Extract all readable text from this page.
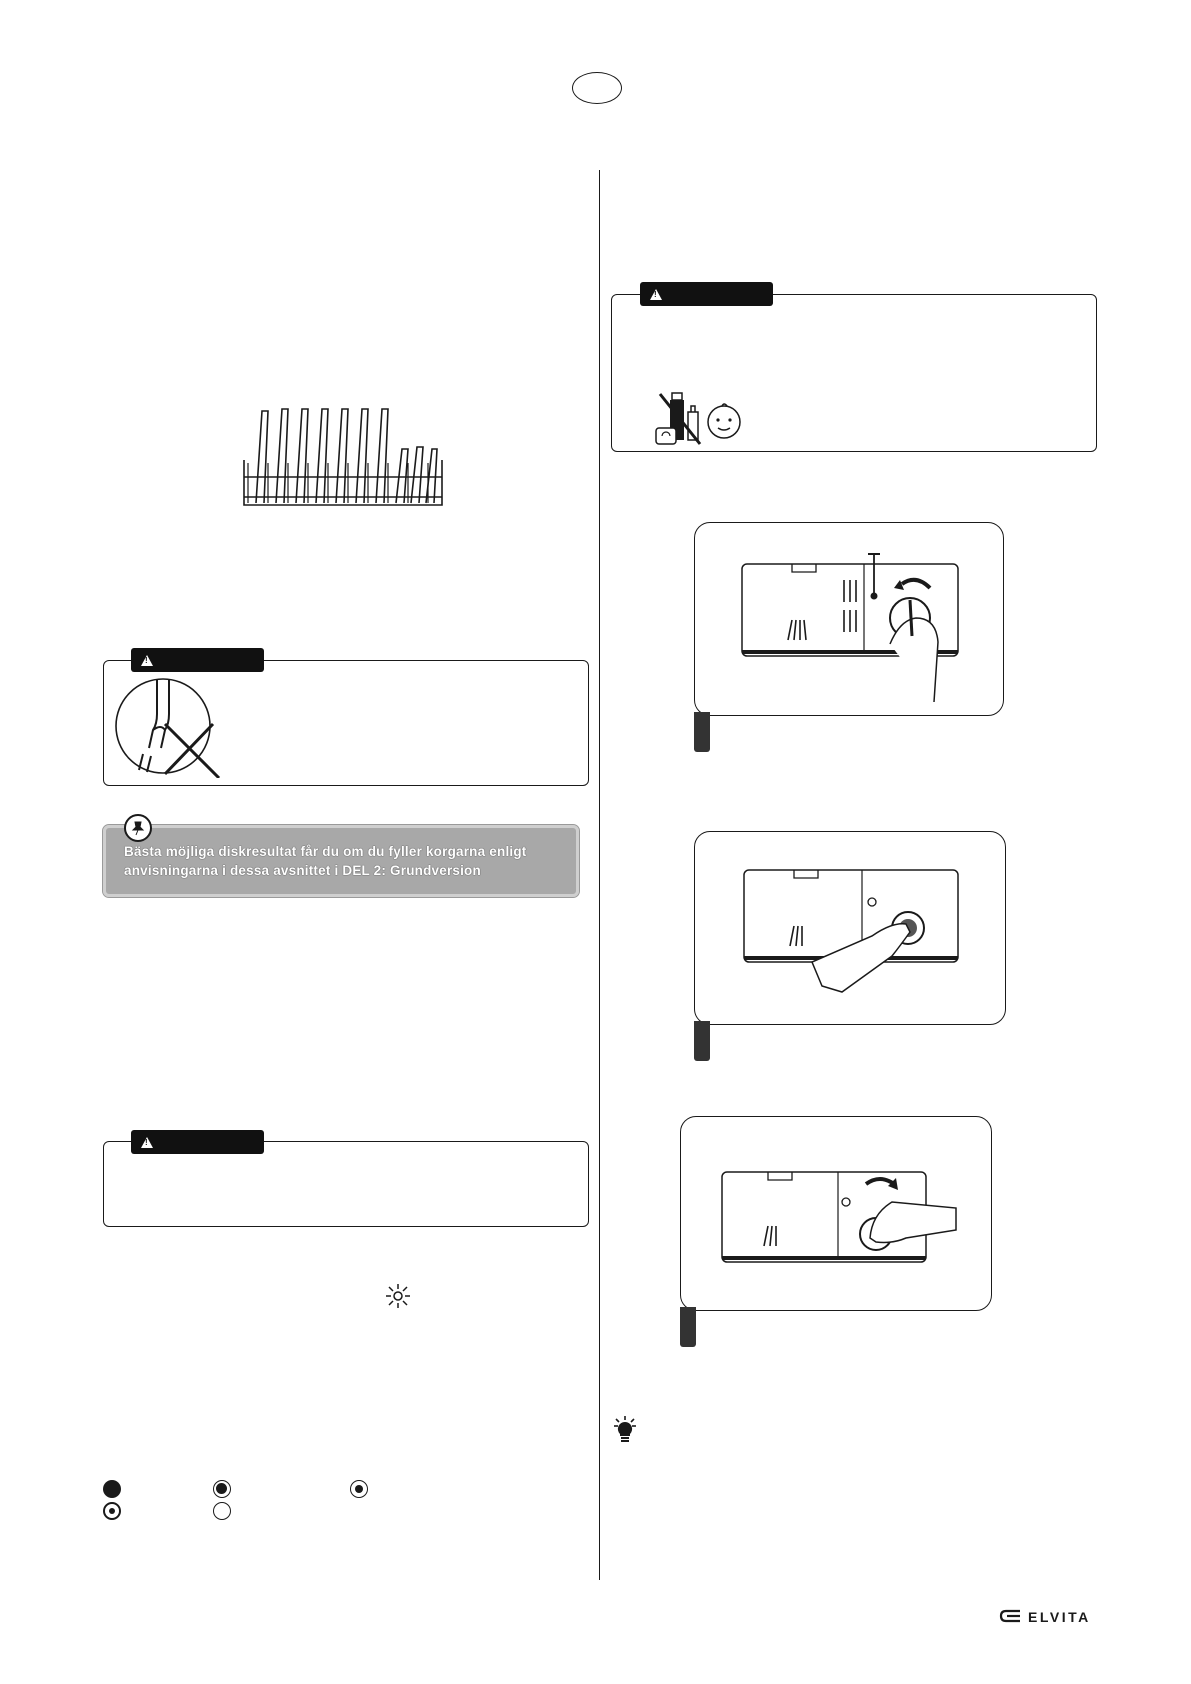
!
Bästa möjliga diskresultat får du om du fyller korgarna enligt anvisningarna i dessa avsnittet i DEL 2: Grundversion
!
!
ELVITA
